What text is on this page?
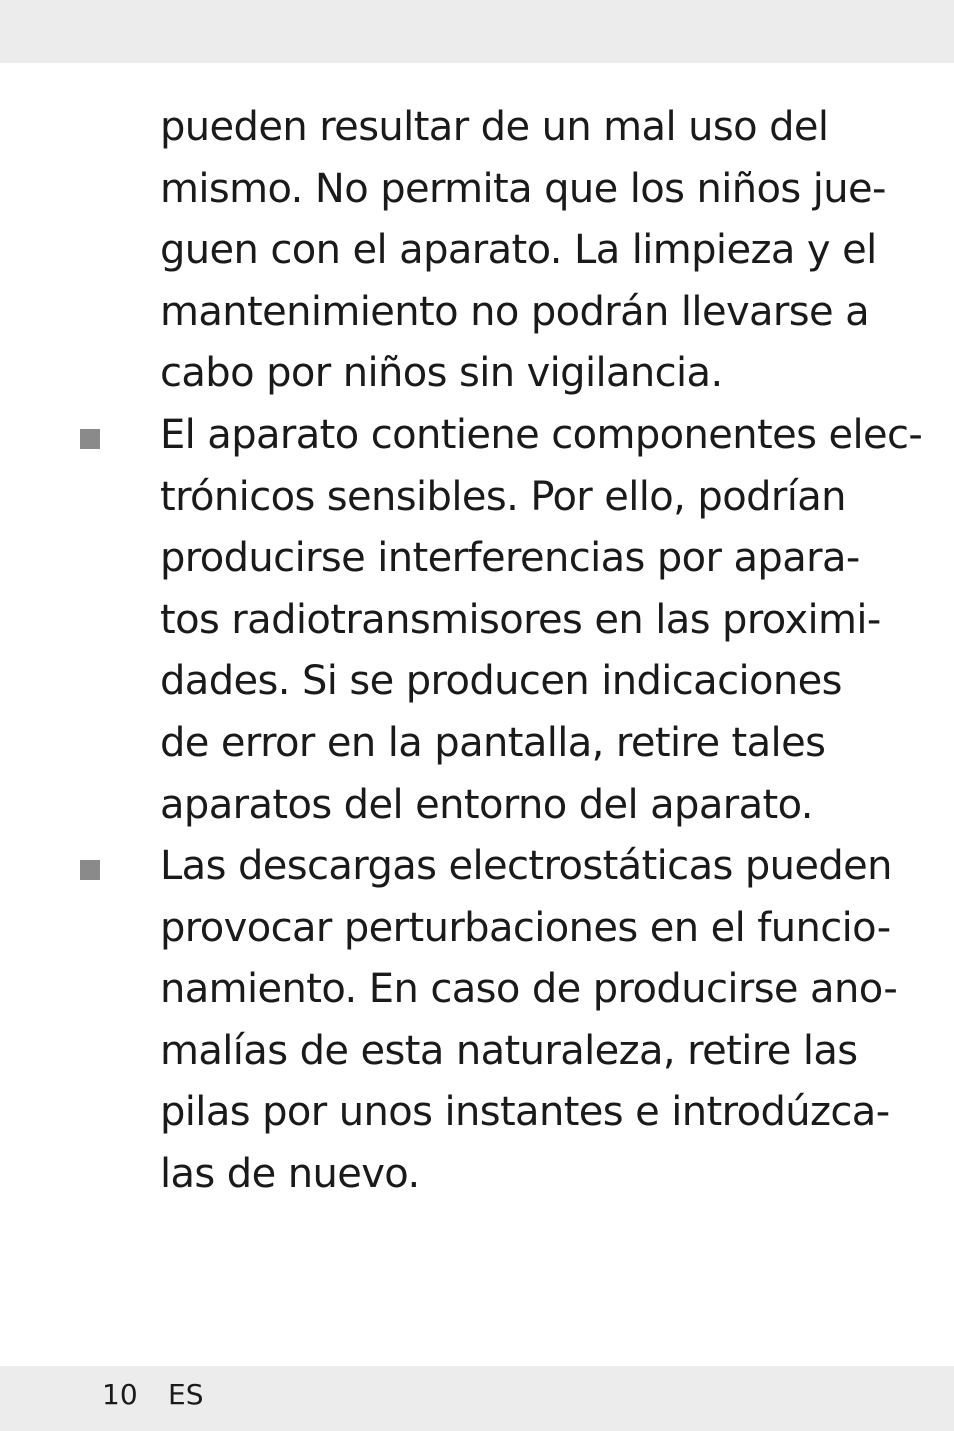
pueden resultar de un mal uso del
mismo. No permita que los niños jue-
guen con el aparato. La limpieza y el
mantenimiento no podrán llevarse a
cabo por niños sin vigilancia.
El aparato contiene componentes elec-
trónicos sensibles. Por ello, podrían
producirse interferencias por apara-
tos radiotransmisores en las proximi-
dades. Si se producen indicaciones
de error en la pantalla, retire tales
aparatos del entorno del aparato.
Las descargas electrostáticas pueden
provocar perturbaciones en el funcio-
namiento. En caso de producirse ano-
malías de esta naturaleza, retire las
pilas por unos instantes e introdúzca-
las de nuevo.
10 ES
